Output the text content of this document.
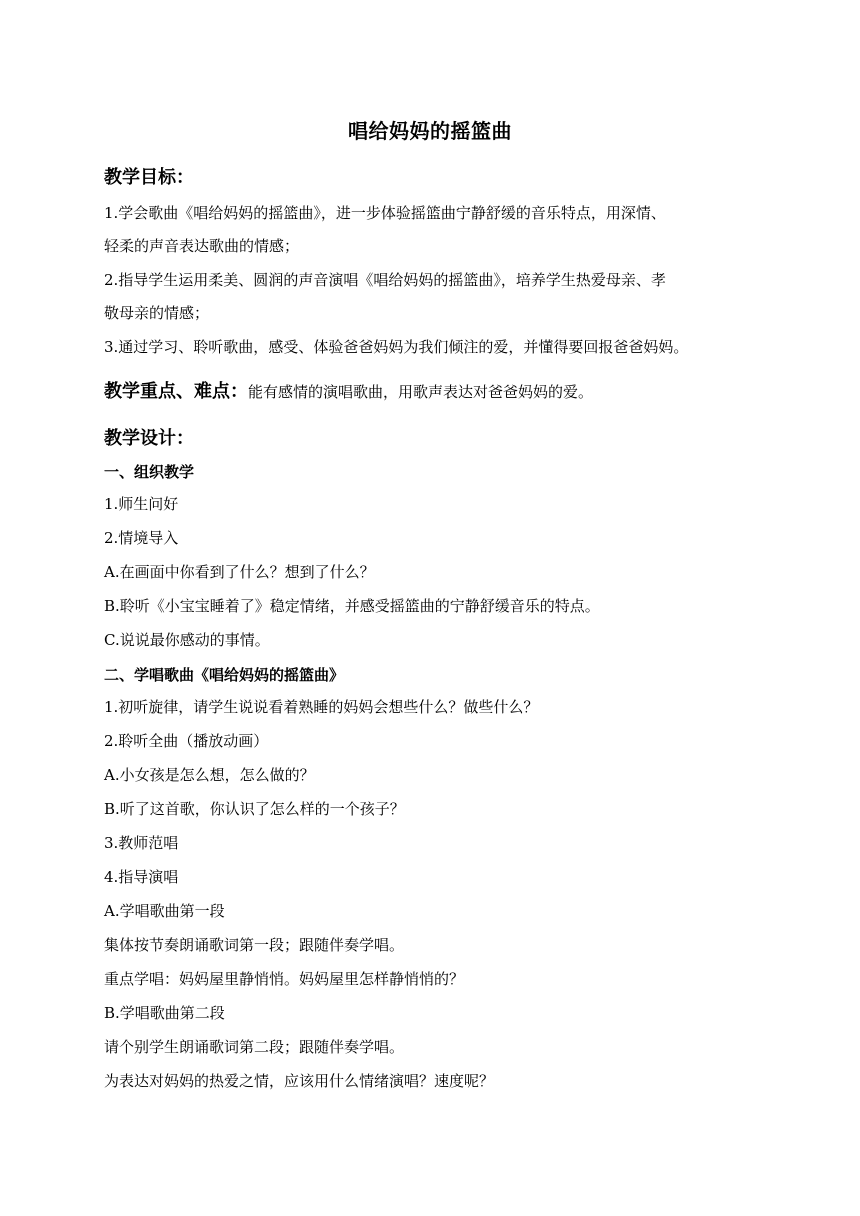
唱给妈妈的摇篮曲
教学目标：
1.学会歌曲《唱给妈妈的摇篮曲》，进一步体验摇篮曲宁静舒缓的音乐特点，用深情、
轻柔的声音表达歌曲的情感；
2.指导学生运用柔美、圆润的声音演唱《唱给妈妈的摇篮曲》，培养学生热爱母亲、孝
敬母亲的情感；
3.通过学习、聆听歌曲，感受、体验爸爸妈妈为我们倾注的爱，并懂得要回报爸爸妈妈。
教学重点、难点：能有感情的演唱歌曲，用歌声表达对爸爸妈妈的爱。
教学设计：
一、组织教学
1.师生问好
2.情境导入
A.在画面中你看到了什么？想到了什么？
B.聆听《小宝宝睡着了》稳定情绪，并感受摇篮曲的宁静舒缓音乐的特点。
C.说说最你感动的事情。
二、学唱歌曲《唱给妈妈的摇篮曲》
1.初听旋律，请学生说说看着熟睡的妈妈会想些什么？做些什么？
2.聆听全曲（播放动画）
A.小女孩是怎么想，怎么做的？
B.听了这首歌，你认识了怎么样的一个孩子？
3.教师范唱
4.指导演唱
A.学唱歌曲第一段
集体按节奏朗诵歌词第一段；跟随伴奏学唱。
重点学唱：妈妈屋里静悄悄。妈妈屋里怎样静悄悄的？
B.学唱歌曲第二段
请个别学生朗诵歌词第二段；跟随伴奏学唱。
为表达对妈妈的热爱之情，应该用什么情绪演唱？速度呢？
